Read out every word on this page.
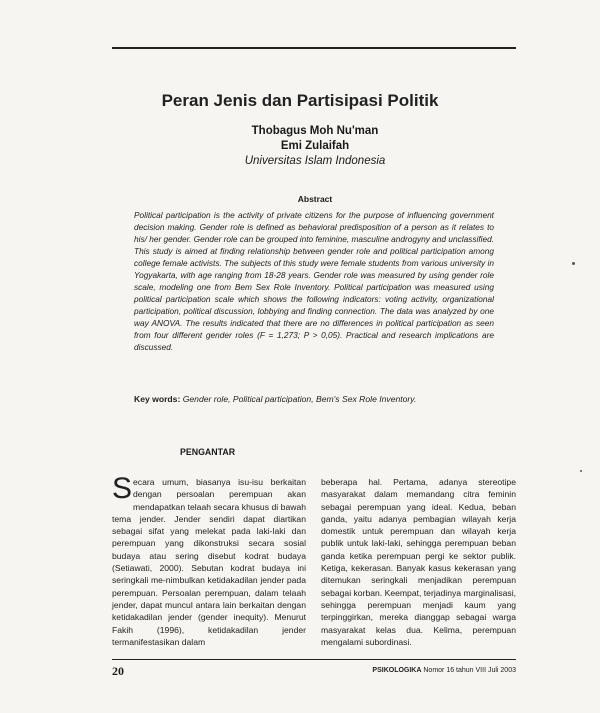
Peran Jenis dan Partisipasi Politik
Thobagus Moh Nu'man
Emi Zulaifah
Universitas Islam Indonesia
Abstract
Political participation is the activity of private citizens for the purpose of influencing government decision making. Gender role is defined as behavioral predisposition of a person as it relates to his/ her gender. Gender role can be grouped into feminine, masculine androgyny and unclassified. This study is aimed at finding relationship between gender role and political participation among college female activists. The subjects of this study were female students from various university in Yogyakarta, with age ranging from 18-28 years. Gender role was measured by using gender role scale, modeling one from Bem Sex Role Inventory. Political participation was measured using political participation scale which shows the following indicators: voting activity, organizational participation, political discussion, lobbying and finding connection. The data was analyzed by one way ANOVA. The results indicated that there are no differences in political participation as seen from four different gender roles (F = 1,273; P > 0,05). Practical and research implications are discussed.
Key words: Gender role, Political participation, Bem's Sex Role Inventory.
PENGANTAR
Secara umum, biasanya isu-isu berkaitan dengan persoalan perempuan akan mendapatkan telaah secara khusus di bawah tema jender. Jender sendiri dapat diartikan sebagai sifat yang melekat pada laki-laki dan perempuan yang dikonstruksi secara sosial budaya atau sering disebut kodrat budaya (Setiawati, 2000). Sebutan kodrat budaya ini seringkali me-nimbulkan ketidakadilan jender pada perempuan. Persoalan perempuan, dalam telaah jender, dapat muncul antara lain berkaitan dengan ketidakadilan jender (gender inequity). Menurut Fakih (1996), ketidakadilan jender termanifestasikan dalam
beberapa hal. Pertama, adanya stereotipe masyarakat dalam memandang citra feminin sebagai perempuan yang ideal. Kedua, beban ganda, yaitu adanya pembagian wilayah kerja domestik untuk perempuan dan wilayah kerja publik untuk laki-laki, sehingga perempuan beban ganda ketika perempuan pergi ke sektor publik. Ketiga, kekerasan. Banyak kasus kekerasan yang ditemukan seringkali menjadikan perempuan sebagai korban. Keempat, terjadinya marginalisasi, sehingga perempuan menjadi kaum yang terpinggirkan, mereka dianggap sebagai warga masyarakat kelas dua. Kelima, perempuan mengalami subordinasi.
20	PSIKOLOGIKA Nomor 16 tahun VIII Juli 2003
